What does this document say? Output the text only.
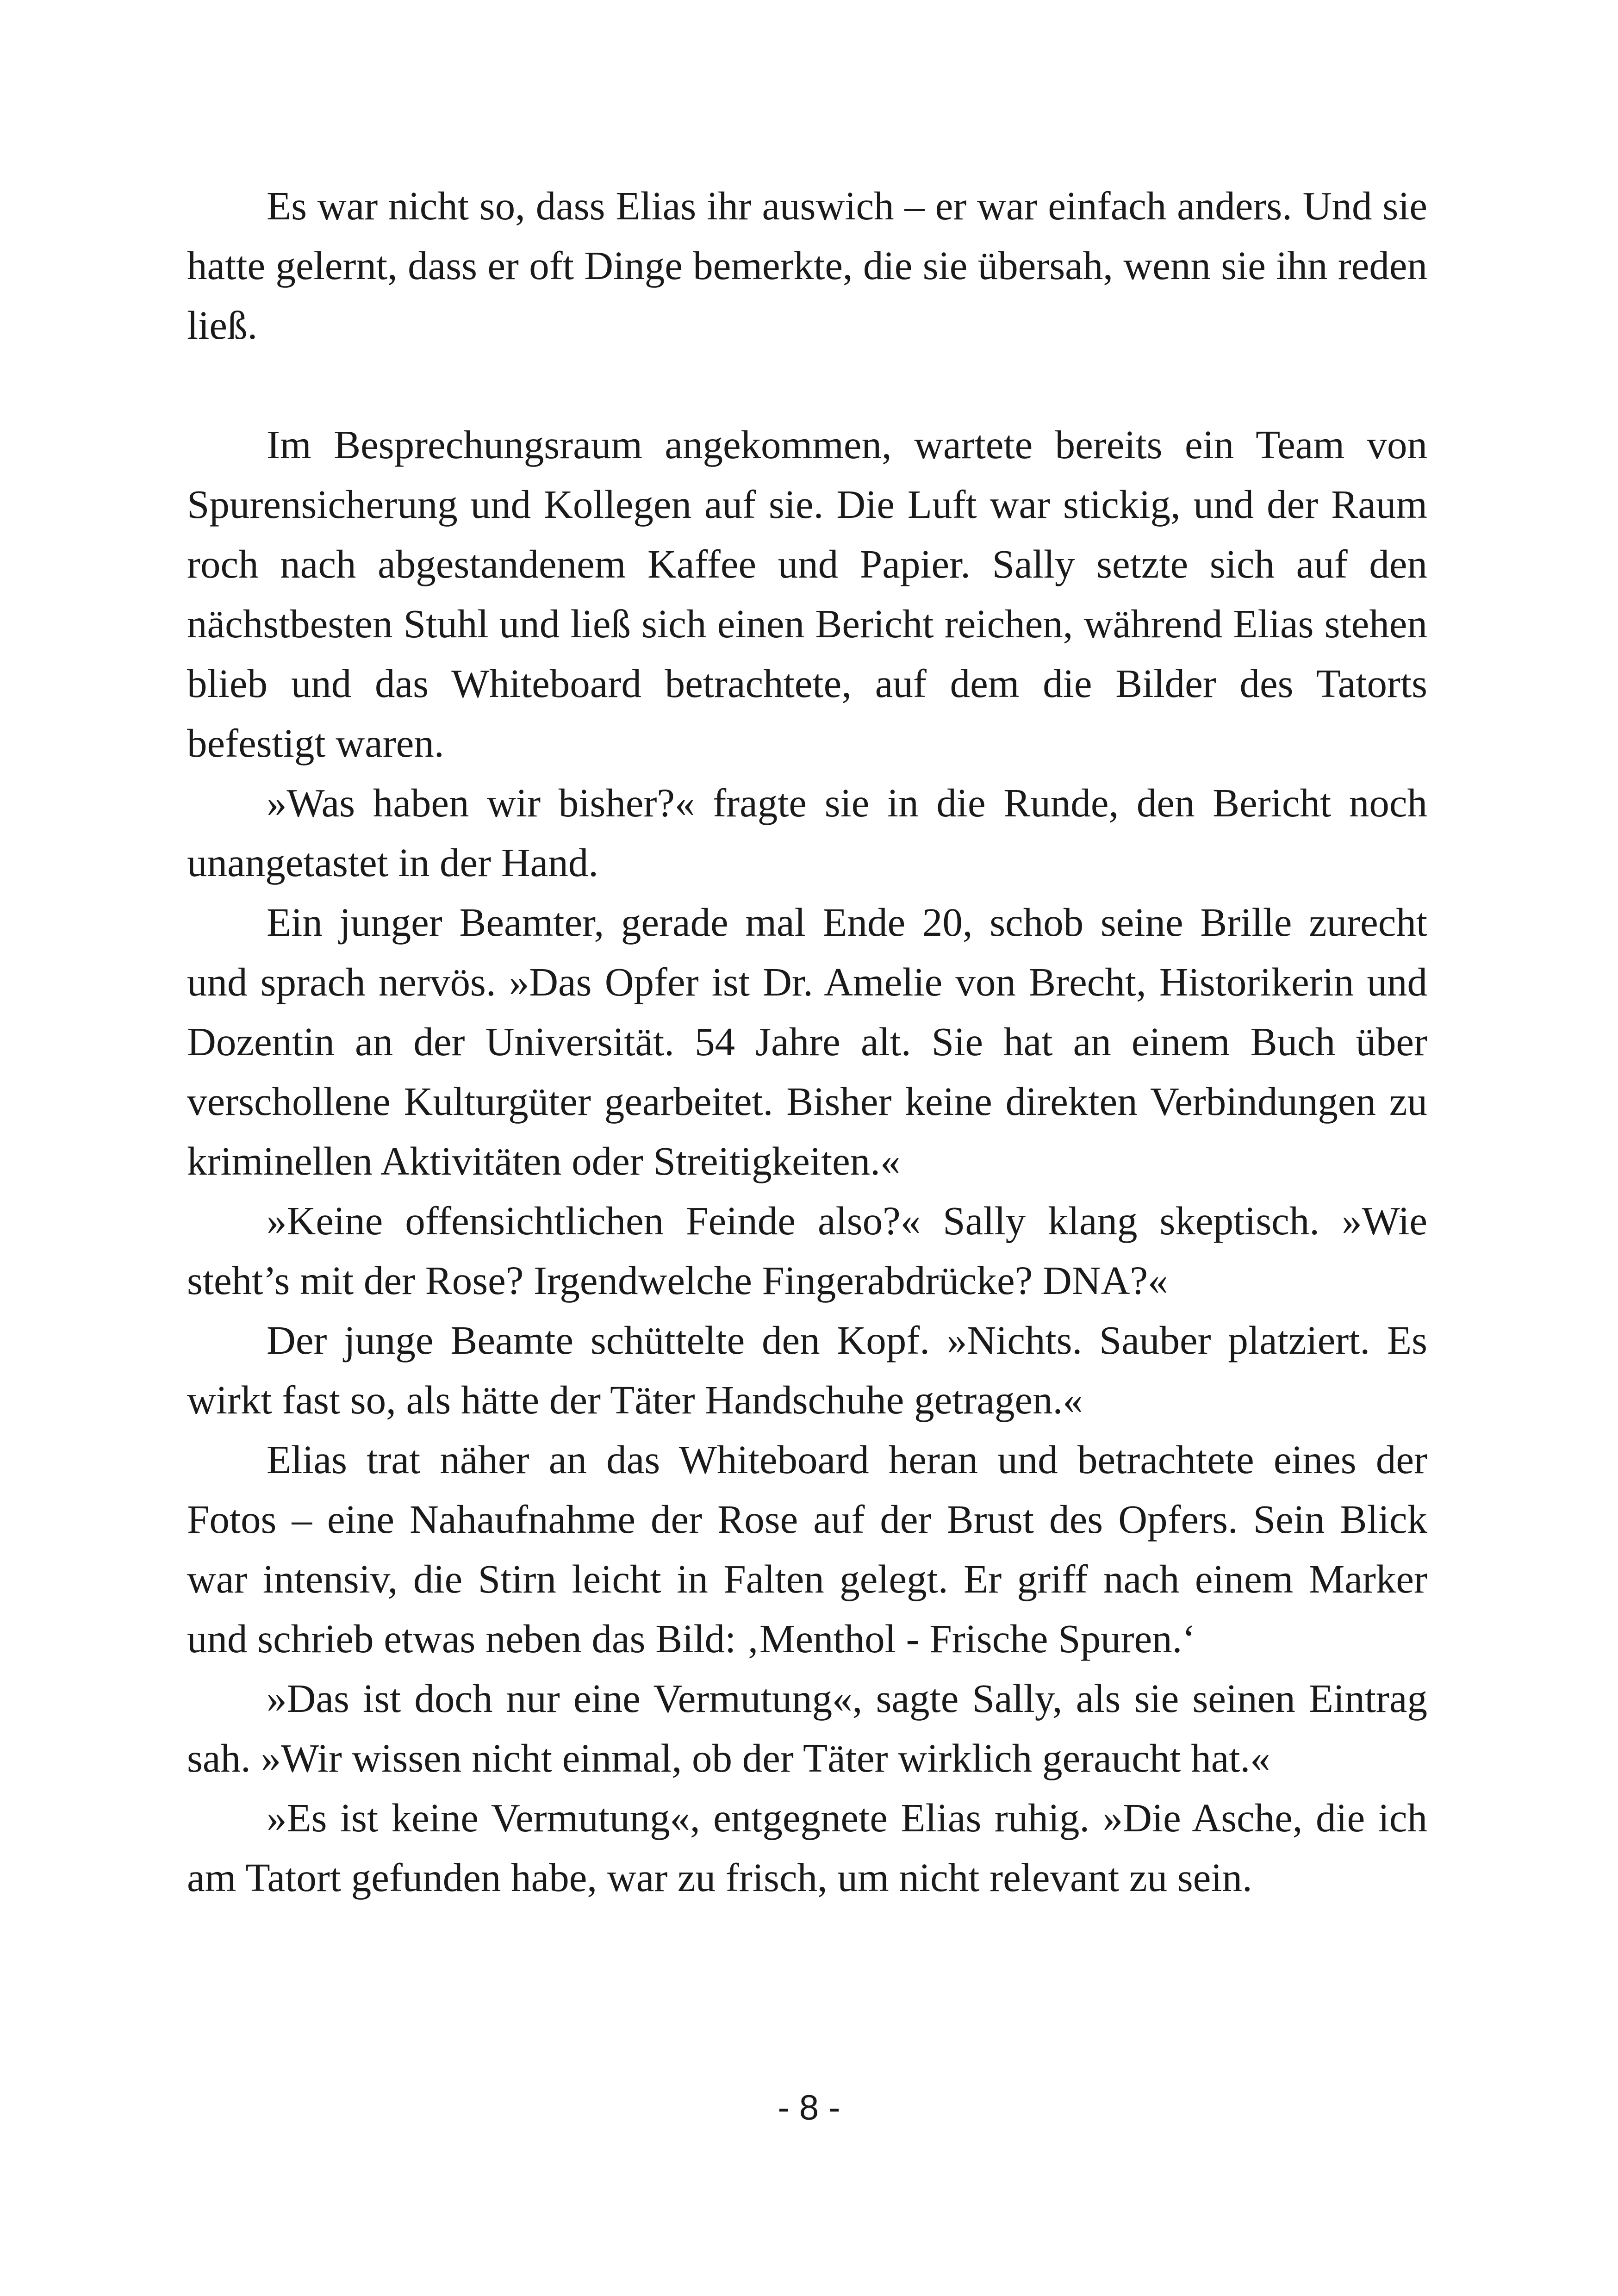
Es war nicht so, dass Elias ihr auswich – er war einfach anders. Und sie hatte gelernt, dass er oft Dinge bemerkte, die sie übersah, wenn sie ihn reden ließ.

Im Besprechungsraum angekommen, wartete bereits ein Team von Spurensicherung und Kollegen auf sie. Die Luft war stickig, und der Raum roch nach abgestandenem Kaffee und Papier. Sally setzte sich auf den nächstbesten Stuhl und ließ sich einen Bericht reichen, während Elias stehen blieb und das Whiteboard betrachtete, auf dem die Bilder des Tatorts befestigt waren.

»Was haben wir bisher?« fragte sie in die Runde, den Bericht noch unangetastet in der Hand.

Ein junger Beamter, gerade mal Ende 20, schob seine Brille zurecht und sprach nervös. »Das Opfer ist Dr. Amelie von Brecht, Historikerin und Dozentin an der Universität. 54 Jahre alt. Sie hat an einem Buch über verschollene Kulturgüter gearbeitet. Bisher keine direkten Verbindungen zu kriminellen Aktivitäten oder Streitigkeiten.«

»Keine offensichtlichen Feinde also?« Sally klang skeptisch. »Wie steht’s mit der Rose? Irgendwelche Fingerabdrücke? DNA?«

Der junge Beamte schüttelte den Kopf. »Nichts. Sauber platziert. Es wirkt fast so, als hätte der Täter Handschuhe getragen.«

Elias trat näher an das Whiteboard heran und betrachtete eines der Fotos – eine Nahaufnahme der Rose auf der Brust des Opfers. Sein Blick war intensiv, die Stirn leicht in Falten gelegt. Er griff nach einem Marker und schrieb etwas neben das Bild: ‚Menthol - Frische Spuren.‘

»Das ist doch nur eine Vermutung«, sagte Sally, als sie seinen Eintrag sah. »Wir wissen nicht einmal, ob der Täter wirklich geraucht hat.«

»Es ist keine Vermutung«, entgegnete Elias ruhig. »Die Asche, die ich am Tatort gefunden habe, war zu frisch, um nicht relevant zu sein.

- 8 -
